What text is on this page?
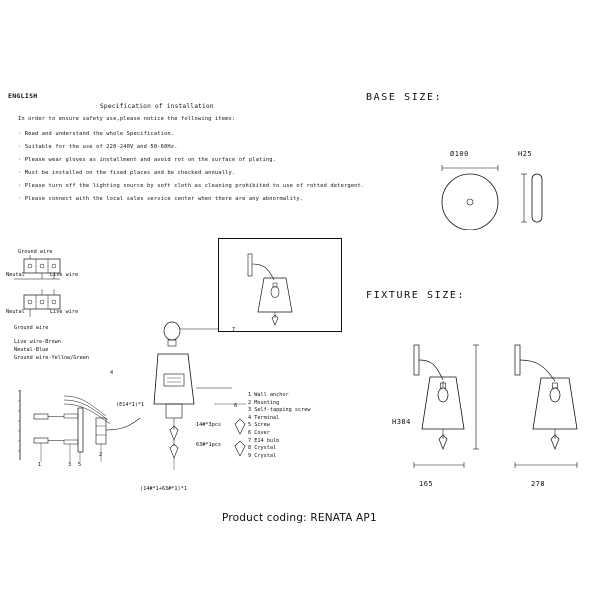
ENGLISH
Specification of installation
In order to ensure safety use,please notice the following items:
· Read and understand the whole Specification.
· Suitable for the use of 220-240V and 50-60Hz.
· Please wear gloves as installment and avoid rot on the surface of plating.
· Must be installed on the fixed places and be checked annually.
· Please turn off the lighting source by soft cloth as cleaning prohibited to use of rotted detergent.
· Please connect with the local sales service center when there are any abnormality.
BASE SIZE:
Ø100	H25
FIXTURE SIZE:
H384
165	278
Ground wire
Neutal	Live wire
Neutal	Live wire
Ground wire
Live wire-Brown
Neutal-Blue
Ground wire-Yellow/Green
7
6
4
1	3 5
2
(E14*1)*1
(14#*1+63#*1)*1
1 Wall anchor
2 Mounting
3 Self-tapping screw
4 Terminal
5 Screw
6 Cover
7 E14 bulb
8 Crystal
9 Crystal
14#*3pcs
63#*1pcs
Product coding: RENATA AP1
